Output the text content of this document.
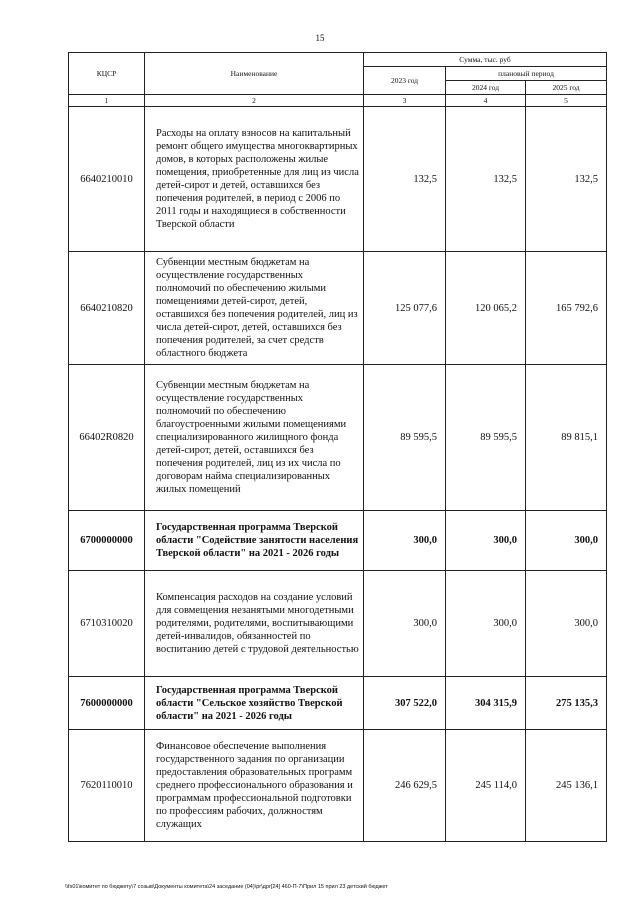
15
КЦСР	Наименование	Сумма, тыс. руб		
		2023 год	плановый период	
			2024 год	2025 год
1	2	3	4	5
6640210010	Расходы на оплату взносов на капитальный ремонт общего имущества многоквартирных домов, в которых расположены жилые помещения, приобретенные для лиц из числа детей-сирот и детей, оставшихся без попечения родителей, в период с 2006 по 2011 годы и находящиеся в собственности Тверской области	132,5	132,5	132,5
6640210820	Субвенции местным бюджетам на осуществление государственных полномочий по обеспечению жилыми помещениями детей-сирот, детей, оставшихся без попечения родителей, лиц из числа детей-сирот, детей, оставшихся без попечения родителей, за счет средств областного бюджета	125 077,6	120 065,2	165 792,6
66402R0820	Субвенции местным бюджетам на осуществление государственных полномочий по обеспечению благоустроенными жилыми помещениями специализированного жилищного фонда детей-сирот, детей, оставшихся без попечения родителей, лиц из их числа по договорам найма специализированных жилых помещений	89 595,5	89 595,5	89 815,1
6700000000	Государственная программа Тверской области "Содействие занятости населения Тверской области" на 2021 - 2026 годы	300,0	300,0	300,0
6710310020	Компенсация расходов на создание условий для совмещения незанятыми многодетными родителями, родителями, воспитывающими детей-инвалидов, обязанностей по воспитанию детей с трудовой деятельностью	300,0	300,0	300,0
7600000000	Государственная программа Тверской области "Сельское хозяйство Тверской области" на 2021 - 2026 годы	307 522,0	304 315,9	275 135,3
7620110010	Финансовое обеспечение выполнения государственного задания по организации предоставления образовательных программ среднего профессионального образования и программам профессиональной подготовки по профессиям рабочих, должностям служащих	246 629,5	245 114,0	245 136,1
\\fs01\комитет по бюджету\7 созыв\Документы комитета\24 заседание (04)\pr\дрг[24] 460-П-7\Прил 15 прил 23 детский бюджет
